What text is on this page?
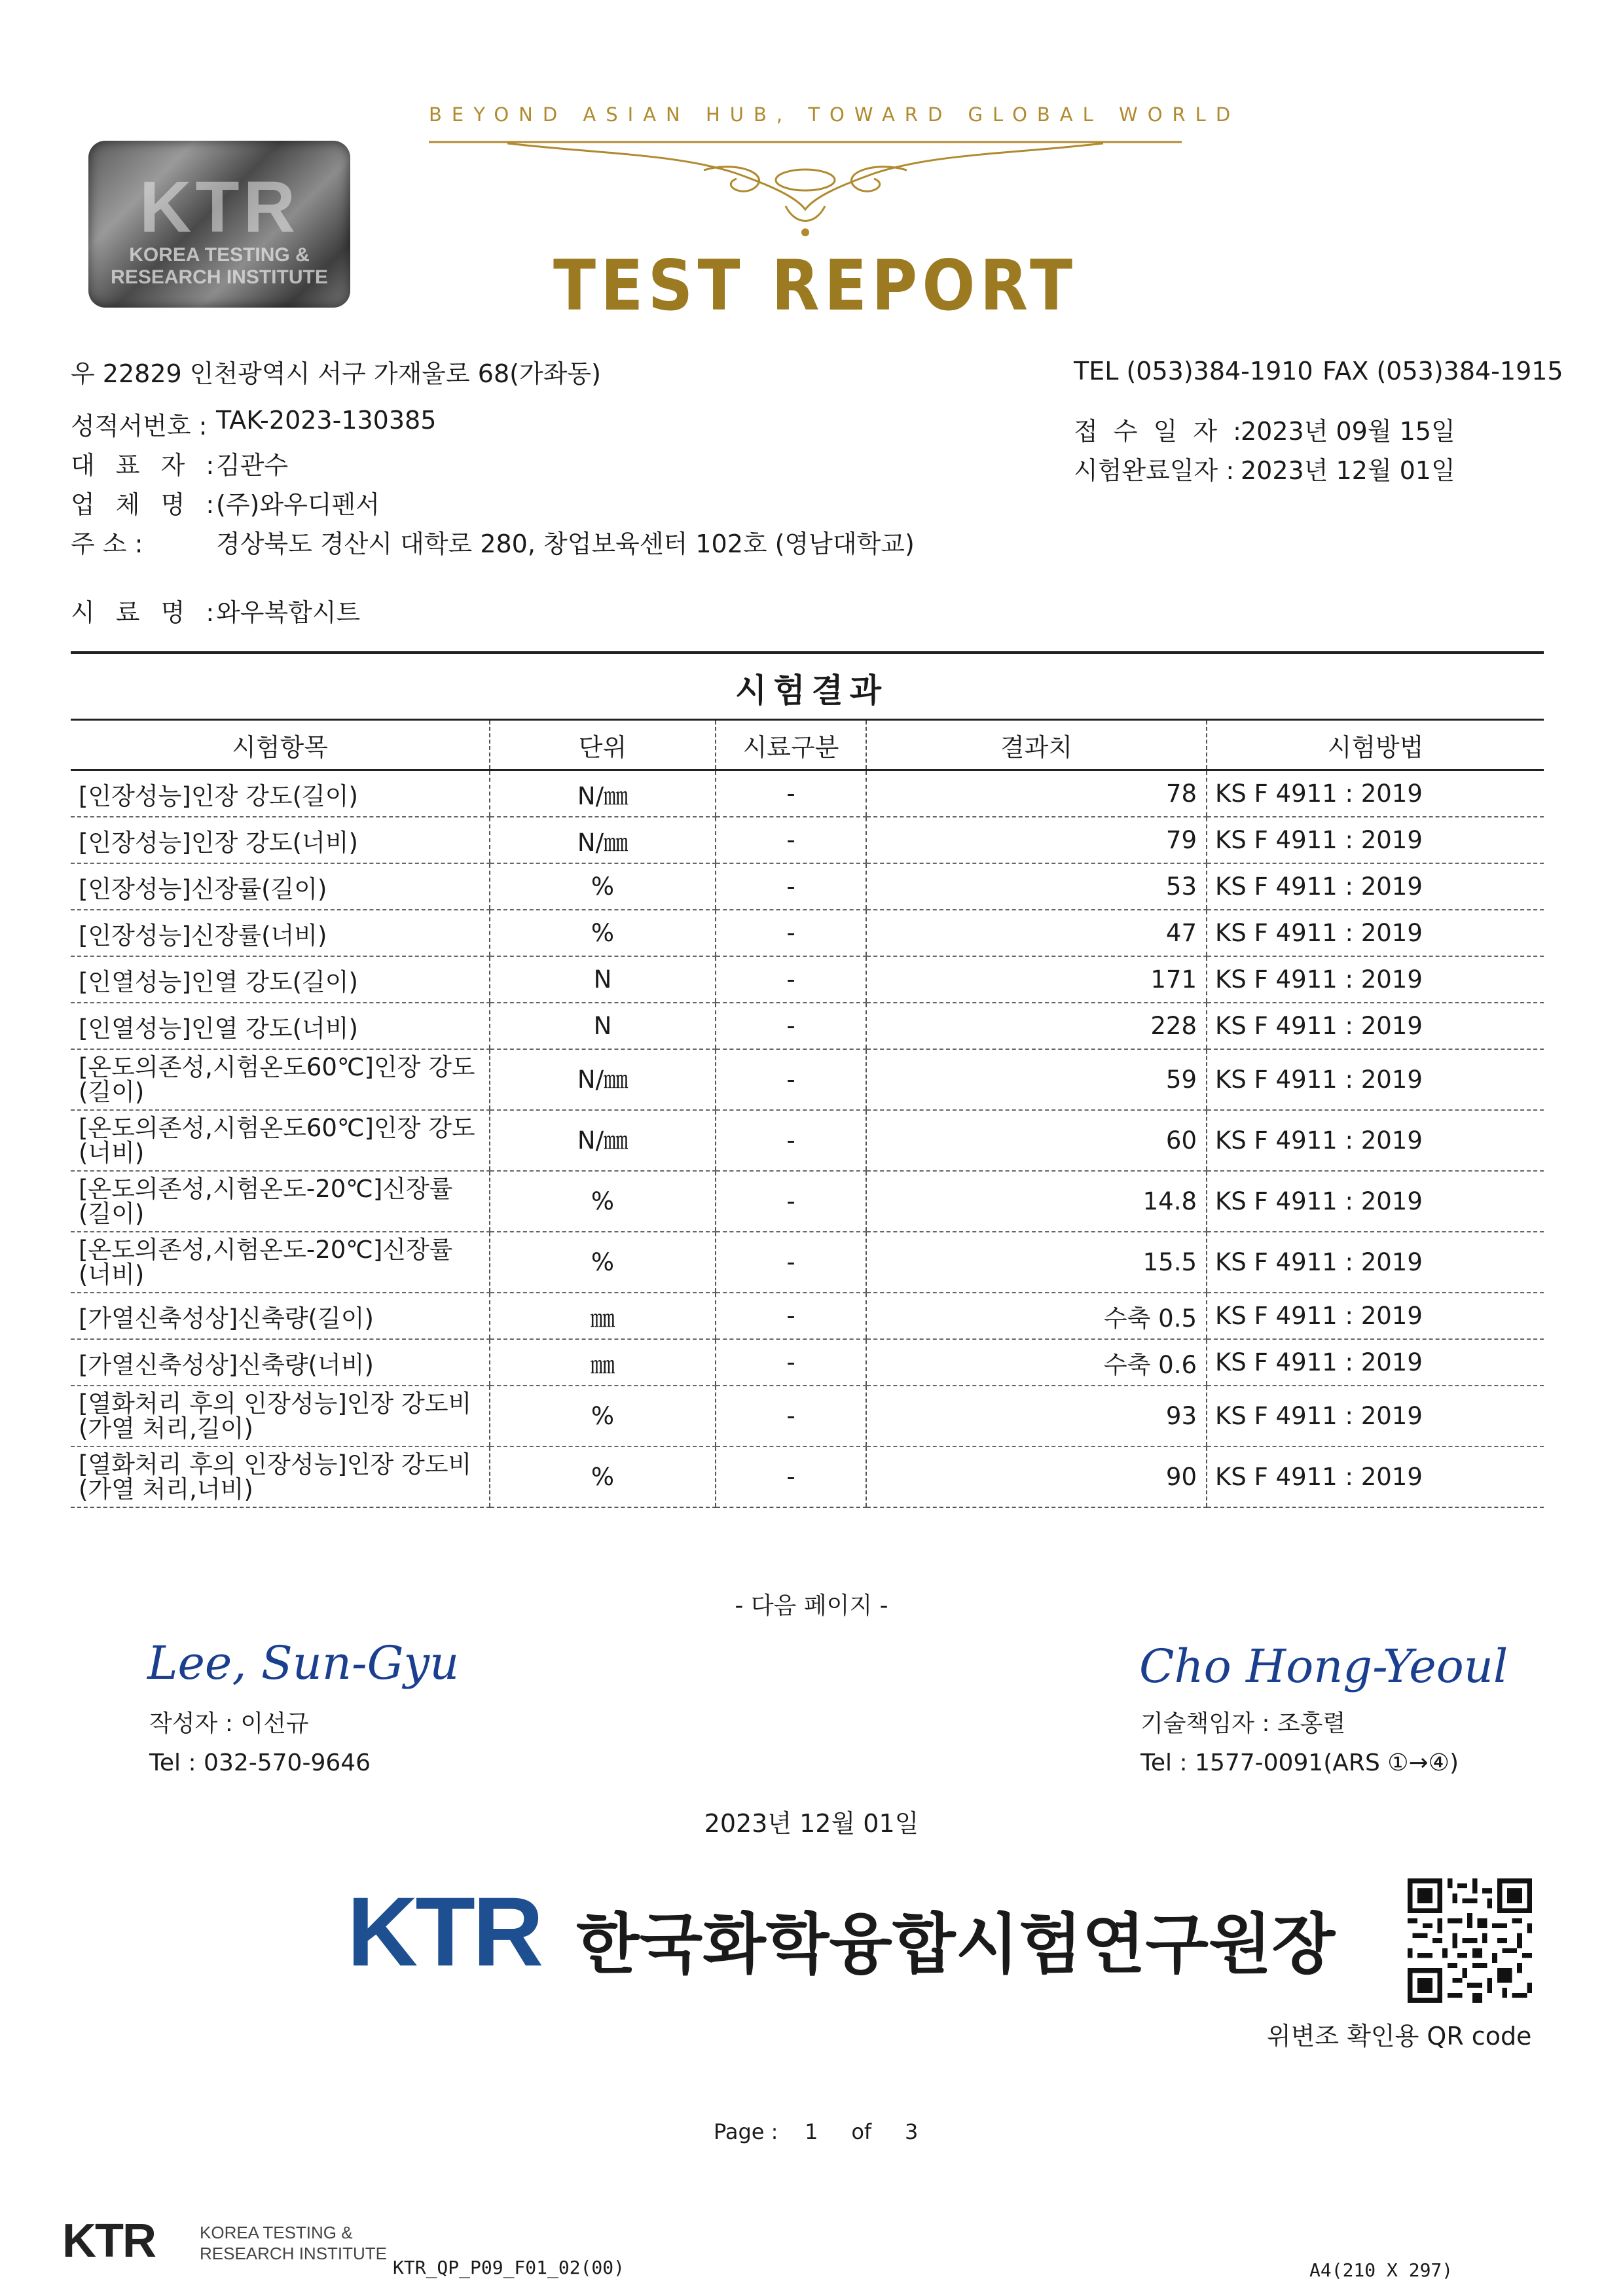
KTR
KOREA TESTING & RESEARCH INSTITUTE
BEYOND ASIAN HUB, TOWARD GLOBAL WORLD
TEST REPORT
우 22829 인천광역시 서구 가재울로 68(가좌동)	TEL (053)384-1910 FAX (053)384-1915
성적서번호 : TAK-2023-130385
대 표 자 :
김관수
업 체 명 :
(주)와우디펜서
주 소 :	경상북도 경산시 대학로 280, 창업보육센터 102호 (영남대학교)
시 료 명 :
와우복합시트
접 수 일 자 :
2023년 09월 15일
시험완료일자 : 2023년 12월 01일
시험결과
시험항목	단위	시료구분	결과치	시험방법
[인장성능]인장 강도(길이)	N/㎜	-	78	KS F 4911 : 2019
[인장성능]인장 강도(너비)	N/㎜	-	79	KS F 4911 : 2019
[인장성능]신장률(길이)	%	-	53	KS F 4911 : 2019
[인장성능]신장률(너비)	%	-	47	KS F 4911 : 2019
[인열성능]인열 강도(길이)	N	-	171	KS F 4911 : 2019
[인열성능]인열 강도(너비)	N	-	228	KS F 4911 : 2019
[온도의존성,시험온도60℃]인장 강도(길이)	N/㎜	-	59	KS F 4911 : 2019
[온도의존성,시험온도60℃]인장 강도(너비)	N/㎜	-	60	KS F 4911 : 2019
[온도의존성,시험온도-20℃]신장률(길이)	%	-	14.8	KS F 4911 : 2019
[온도의존성,시험온도-20℃]신장률(너비)	%	-	15.5	KS F 4911 : 2019
[가열신축성상]신축량(길이)	㎜	-	수축 0.5	KS F 4911 : 2019
[가열신축성상]신축량(너비)	㎜	-	수축 0.6	KS F 4911 : 2019
[열화처리 후의 인장성능]인장 강도비(가열 처리,길이)	%	-	93	KS F 4911 : 2019
[열화처리 후의 인장성능]인장 강도비(가열 처리,너비)	%	-	90	KS F 4911 : 2019
- 다음 페이지 -
Lee, Sun-Gyu
작성자 : 이선규
Tel : 032-570-9646
Cho Hong-Yeoul
기술책임자 : 조홍렬
Tel : 1577-0091(ARS ①→④)
2023년 12월 01일
KTR 한국화학융합시험연구원장
위변조 확인용 QR code
Page : 1 of 3
KTR	KOREA TESTING &
RESEARCH INSTITUTE
KTR_QP_P09_F01_02(00)	A4(210 X 297)
